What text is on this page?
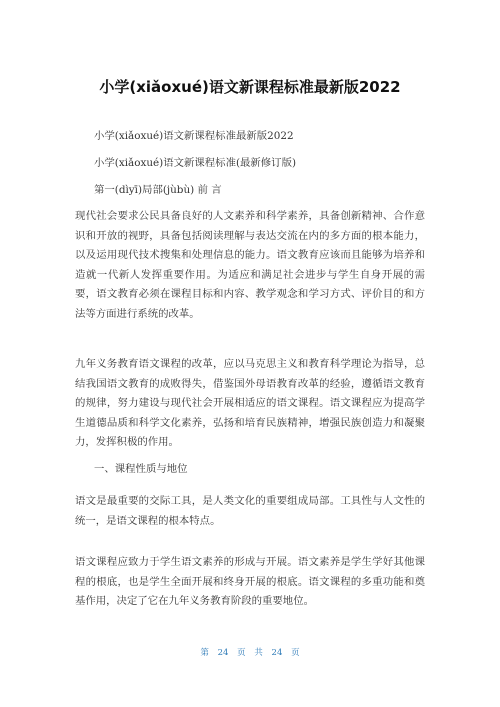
小学(xiǎoxué)语文新课程标准最新版2022
小学(xiǎoxué)语文新课程标准最新版2022
小学(xiǎoxué)语文新课程标准(最新修订版)
第一(dìyī)局部(jùbù) 前 言

现代社会要求公民具备良好的人文素养和科学素养，具备创新精神、合作意识和开放的视野，具备包括阅读理解与表达交流在内的多方面的根本能力，以及运用现代技术搜集和处理信息的能力。语文教育应该而且能够为培养和造就一代新人发挥重要作用。为适应和满足社会进步与学生自身开展的需要，语文教育必须在课程目标和内容、教学观念和学习方式、评价目的和方法等方面进行系统的改革。

九年义务教育语文课程的改革，应以马克思主义和教育科学理论为指导，总结我国语文教育的成败得失，借鉴国外母语教育改革的经验，遵循语文教育的规律，努力建设与现代社会开展相适应的语文课程。语文课程应为提高学生道德品质和科学文化素养，弘扬和培育民族精神，增强民族创造力和凝聚力，发挥积极的作用。

一、课程性质与地位

语文是最重要的交际工具，是人类文化的重要组成局部。工具性与人文性的统一，是语文课程的根本特点。

语文课程应致力于学生语文素养的形成与开展。语文素养是学生学好其他课程的根底，也是学生全面开展和终身开展的根底。语文课程的多重功能和奠基作用，决定了它在九年义务教育阶段的重要地位。

第 24 页 共 24 页
